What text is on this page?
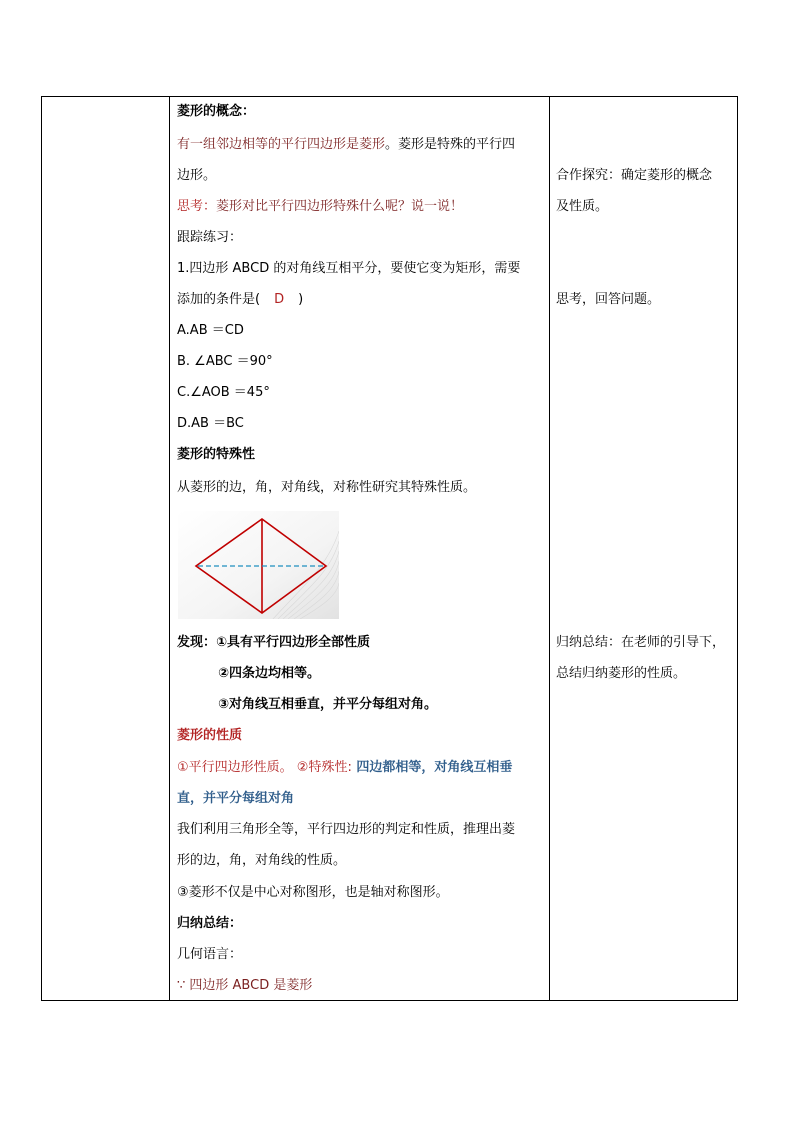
菱形的概念：
有一组邻边相等的平行四边形是菱形。菱形是特殊的平行四
边形。
思考：菱形对比平行四边形特殊什么呢？说一说！
跟踪练习：
1.四边形 ABCD 的对角线互相平分，要使它变为矩形，需要
添加的条件是( D )
A.AB ＝CD
B. ∠ABC ＝90°
C.∠AOB ＝45°
D.AB ＝BC
菱形的特殊性
从菱形的边，角，对角线，对称性研究其特殊性质。
发现：①具有平行四边形全部性质
②四条边均相等。
③对角线互相垂直，并平分每组对角。
菱形的性质
①平行四边形性质。 ②特殊性: 四边都相等，对角线互相垂
直，并平分每组对角
我们利用三角形全等，平行四边形的判定和性质，推理出菱
形的边，角，对角线的性质。
③菱形不仅是中心对称图形，也是轴对称图形。
归纳总结：
几何语言：
∵ 四边形 ABCD 是菱形
合作探究：确定菱形的概念
及性质。
思考，回答问题。
归纳总结：在老师的引导下，
总结归纳菱形的性质。
